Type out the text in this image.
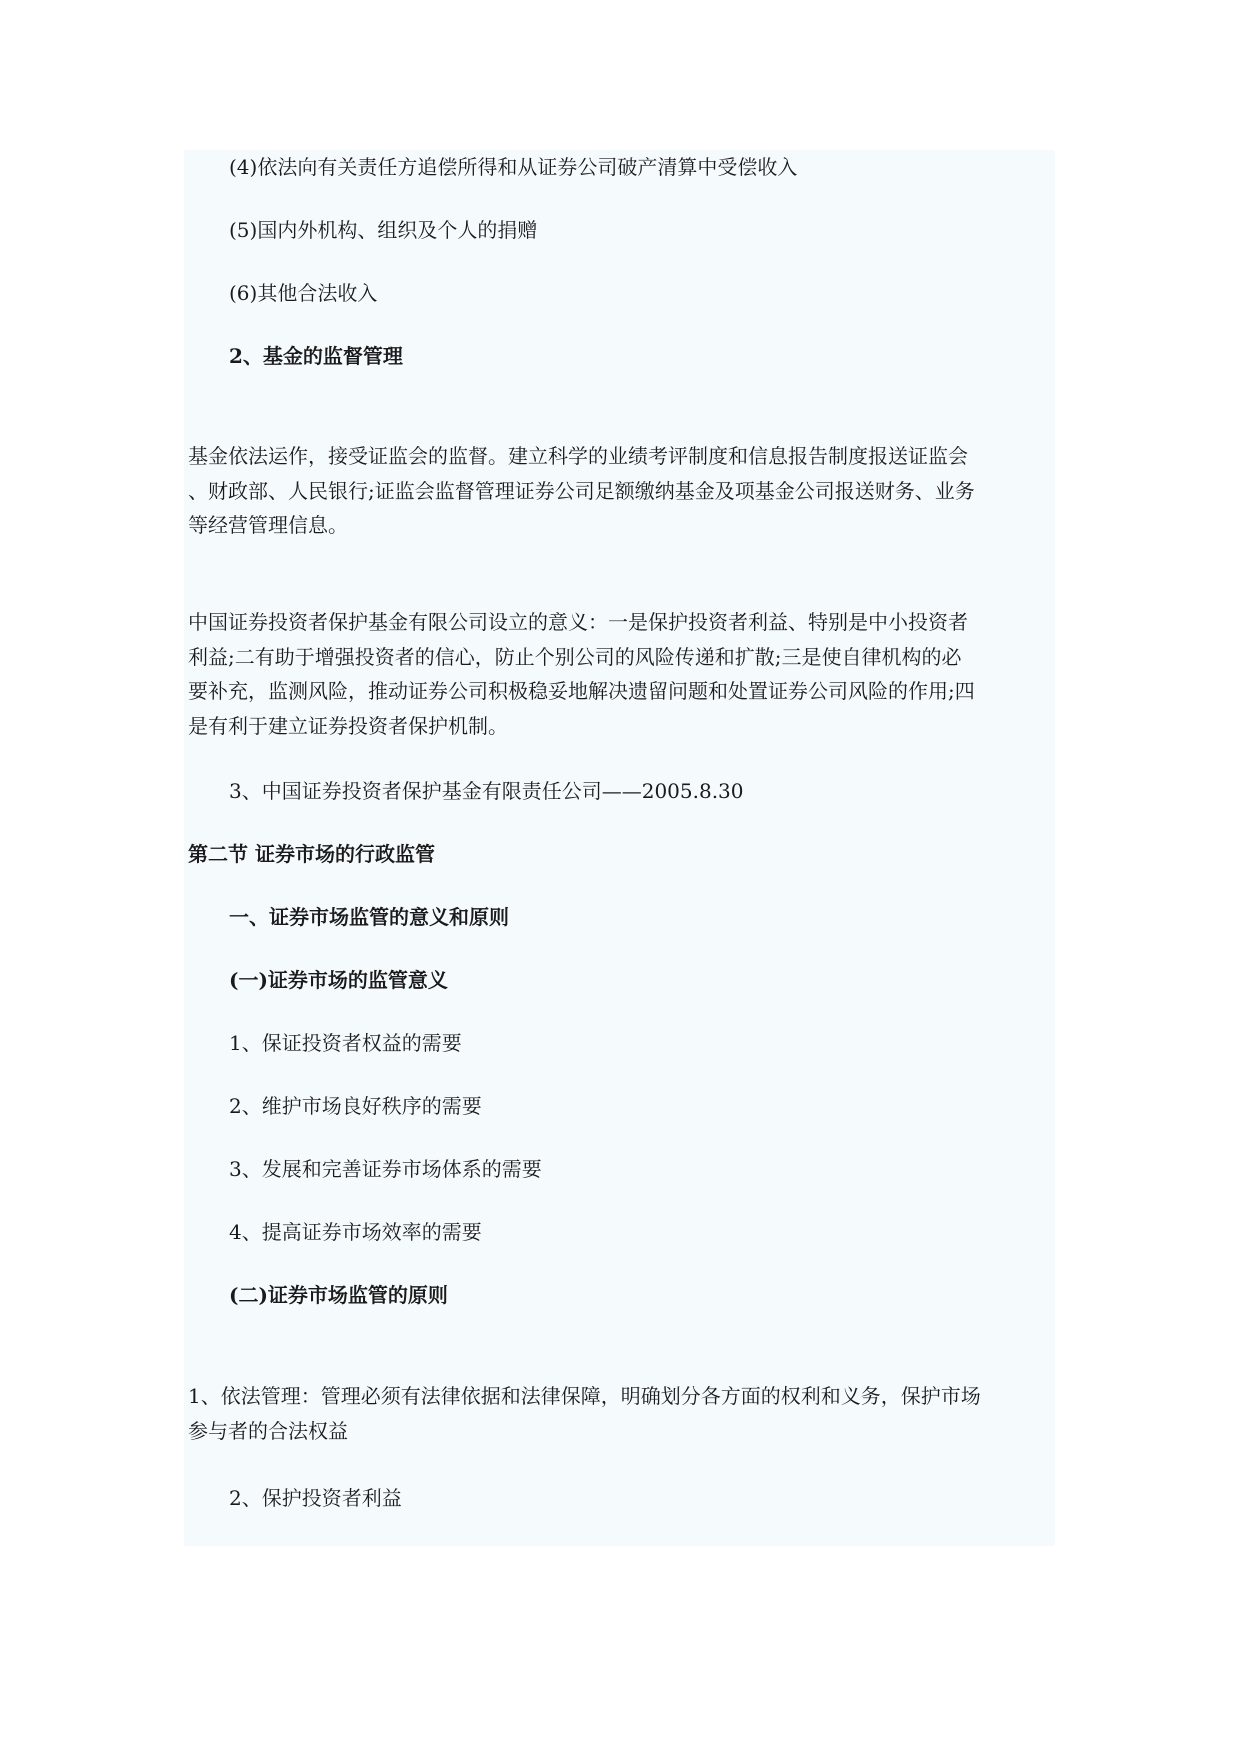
(4)依法向有关责任方追偿所得和从证券公司破产清算中受偿收入
(5)国内外机构、组织及个人的捐赠
(6)其他合法收入
2、基金的监督管理
基金依法运作，接受证监会的监督。建立科学的业绩考评制度和信息报告制度报送证监会
、财政部、人民银行;证监会监督管理证券公司足额缴纳基金及项基金公司报送财务、业务
等经营管理信息。
中国证券投资者保护基金有限公司设立的意义：一是保护投资者利益、特别是中小投资者
利益;二有助于增强投资者的信心，防止个别公司的风险传递和扩散;三是使自律机构的必
要补充，监测风险，推动证券公司积极稳妥地解决遗留问题和处置证券公司风险的作用;四
是有利于建立证券投资者保护机制。
3、中国证券投资者保护基金有限责任公司——2005.8.30
第二节 证券市场的行政监管
一、证券市场监管的意义和原则
(一)证券市场的监管意义
1、保证投资者权益的需要
2、维护市场良好秩序的需要
3、发展和完善证券市场体系的需要
4、提高证券市场效率的需要
(二)证券市场监管的原则
1、依法管理：管理必须有法律依据和法律保障，明确划分各方面的权利和义务，保护市场
参与者的合法权益
2、保护投资者利益
